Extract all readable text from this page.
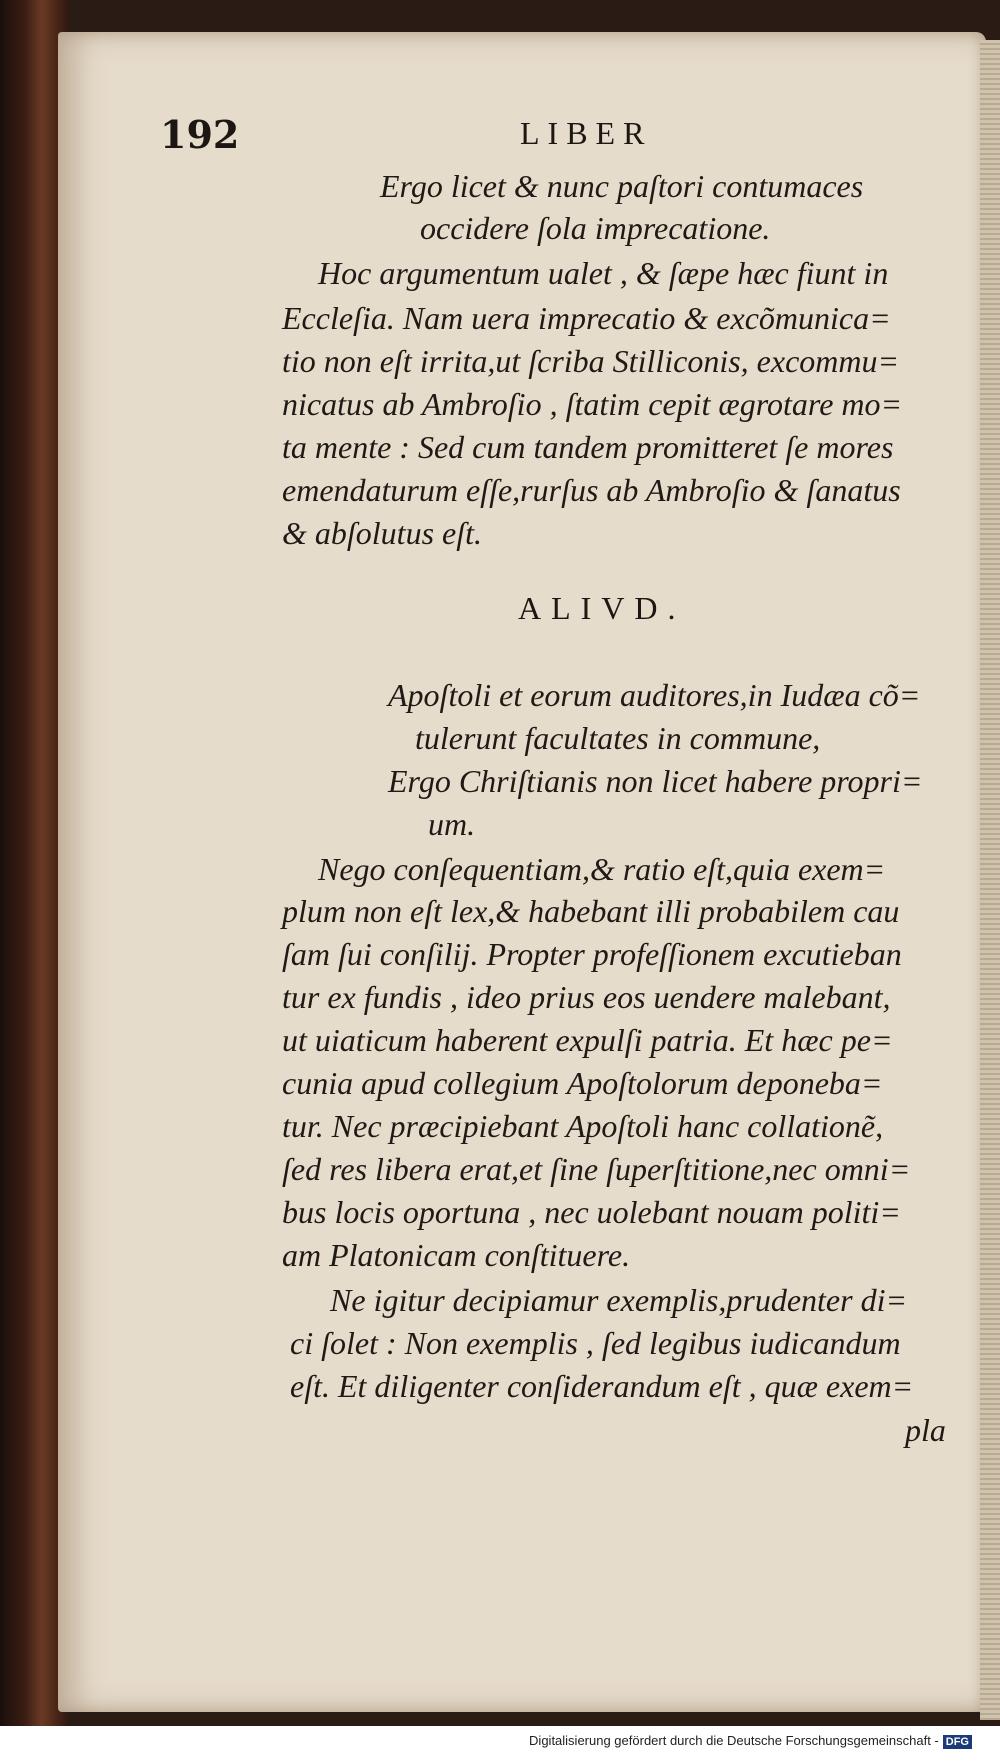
192	LIBER
Ergo licet & nunc paſtori contumaces
occidere ſola imprecatione.
Hoc argumentum ualet , & ſæpe hæc fiunt in
Eccleſia. Nam uera imprecatio & excõmunica=
tio non eſt irrita,ut ſcriba Stilliconis, excommu=
nicatus ab Ambroſio , ſtatim cepit ægrotare mo=
ta mente : Sed cum tandem promitteret ſe mores
emendaturum eſſe,rurſus ab Ambroſio & ſanatus
& abſolutus eſt.
ALIVD.
Apoſtoli et eorum auditores,in Iudæa cõ=
tulerunt facultates in commune,
Ergo Chriſtianis non licet habere propri=
um.
Nego conſequentiam,& ratio eſt,quia exem=
plum non eſt lex,& habebant illi probabilem cau
ſam ſui conſilij. Propter profeſſionem excutieban
tur ex fundis , ideo prius eos uendere malebant,
ut uiaticum haberent expulſi patria. Et hæc pe=
cunia apud collegium Apoſtolorum deponeba=
tur. Nec præcipiebant Apoſtoli hanc collationẽ,
ſed res libera erat,et ſine ſuperſtitione,nec omni=
bus locis oportuna , nec uolebant nouam politi=
am Platonicam conſtituere.
Ne igitur decipiamur exemplis,prudenter di=
ci ſolet : Non exemplis , ſed legibus iudicandum
eſt. Et diligenter conſiderandum eſt , quæ exem=
pla
Digitalisierung gefördert durch die Deutsche Forschungsgemeinschaft - DFG
